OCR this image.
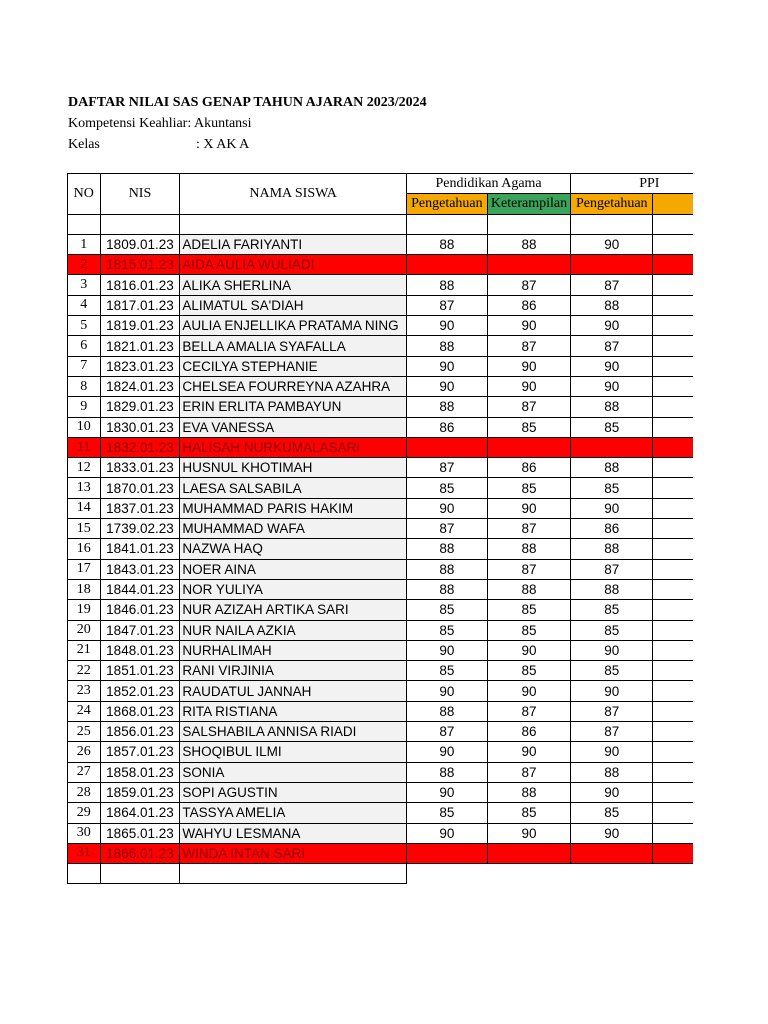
DAFTAR NILAI SAS GENAP TAHUN AJARAN 2023/2024
Kompetensi Keahliar: Akuntansi
Kelas	: X AK A
NO	NIS	NAMA SISWA	Pendidikan Agama		PPI	
			Pengetahuan	Keterampilan	Pengetahuan	

1	1809.01.23	ADELIA FARIYANTI	88	88	90	
2	1815.01.23	AIDA AULIA WULIADI				
3	1816.01.23	ALIKA SHERLINA	88	87	87	
4	1817.01.23	ALIMATUL SA'DIAH	87	86	88	
5	1819.01.23	AULIA ENJELLIKA PRATAMA NING	90	90	90	
6	1821.01.23	BELLA AMALIA SYAFALLA	88	87	87	
7	1823.01.23	CECILYA STEPHANIE	90	90	90	
8	1824.01.23	CHELSEA FOURREYNA AZAHRA	90	90	90	
9	1829.01.23	ERIN ERLITA PAMBAYUN	88	87	88	
10	1830.01.23	EVA VANESSA	86	85	85	
11	1832.01.23	HALISAH NURKUMALASARI				
12	1833.01.23	HUSNUL KHOTIMAH	87	86	88	
13	1870.01.23	LAESA SALSABILA	85	85	85	
14	1837.01.23	MUHAMMAD PARIS HAKIM	90	90	90	
15	1739.02.23	MUHAMMAD WAFA	87	87	86	
16	1841.01.23	NAZWA HAQ	88	88	88	
17	1843.01.23	NOER AINA	88	87	87	
18	1844.01.23	NOR YULIYA	88	88	88	
19	1846.01.23	NUR AZIZAH ARTIKA SARI	85	85	85	
20	1847.01.23	NUR NAILA AZKIA	85	85	85	
21	1848.01.23	NURHALIMAH	90	90	90	
22	1851.01.23	RANI VIRJINIA	85	85	85	
23	1852.01.23	RAUDATUL JANNAH	90	90	90	
24	1868.01.23	RITA RISTIANA	88	87	87	
25	1856.01.23	SALSHABILA ANNISA RIADI	87	86	87	
26	1857.01.23	SHOQIBUL ILMI	90	90	90	
27	1858.01.23	SONIA	88	87	88	
28	1859.01.23	SOPI AGUSTIN	90	88	90	
29	1864.01.23	TASSYA AMELIA	85	85	85	
30	1865.01.23	WAHYU LESMANA	90	90	90	
31	1866.01.23	WINDA INTAN SARI				
